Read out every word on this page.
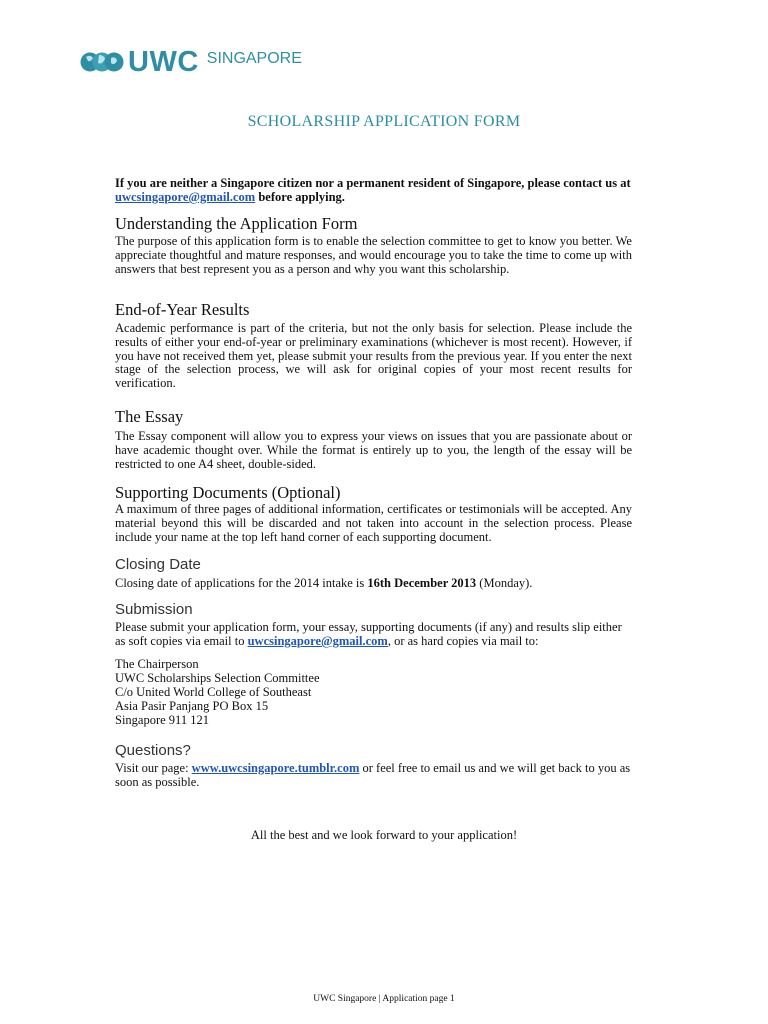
UWC SINGAPORE
SCHOLARSHIP APPLICATION FORM
If you are neither a Singapore citizen nor a permanent resident of Singapore, please contact us at
uwcsingapore@gmail.com before applying.
Understanding the Application Form
The purpose of this application form is to enable the selection committee to get to know you better. We appreciate thoughtful and mature responses, and would encourage you to take the time to come up with answers that best represent you as a person and why you want this scholarship.
End-of-Year Results
Academic performance is part of the criteria, but not the only basis for selection. Please include the results of either your end-of-year or preliminary examinations (whichever is most recent). However, if you have not received them yet, please submit your results from the previous year. If you enter the next stage of the selection process, we will ask for original copies of your most recent results for verification.
The Essay
The Essay component will allow you to express your views on issues that you are passionate about or have academic thought over. While the format is entirely up to you, the length of the essay will be restricted to one A4 sheet, double-sided.
Supporting Documents (Optional)
A maximum of three pages of additional information, certificates or testimonials will be accepted. Any material beyond this will be discarded and not taken into account in the selection process. Please include your name at the top left hand corner of each supporting document.
Closing Date
Closing date of applications for the 2014 intake is 16th December 2013 (Monday).
Submission
Please submit your application form, your essay, supporting documents (if any) and results slip either as soft copies via email to uwcsingapore@gmail.com, or as hard copies via mail to:
The Chairperson
UWC Scholarships Selection Committee
C/o United World College of Southeast
Asia Pasir Panjang PO Box 15
Singapore 911 121
Questions?
Visit our page: www.uwcsingapore.tumblr.com or feel free to email us and we will get back to you as soon as possible.
All the best and we look forward to your application!
UWC Singapore | Application page 1
